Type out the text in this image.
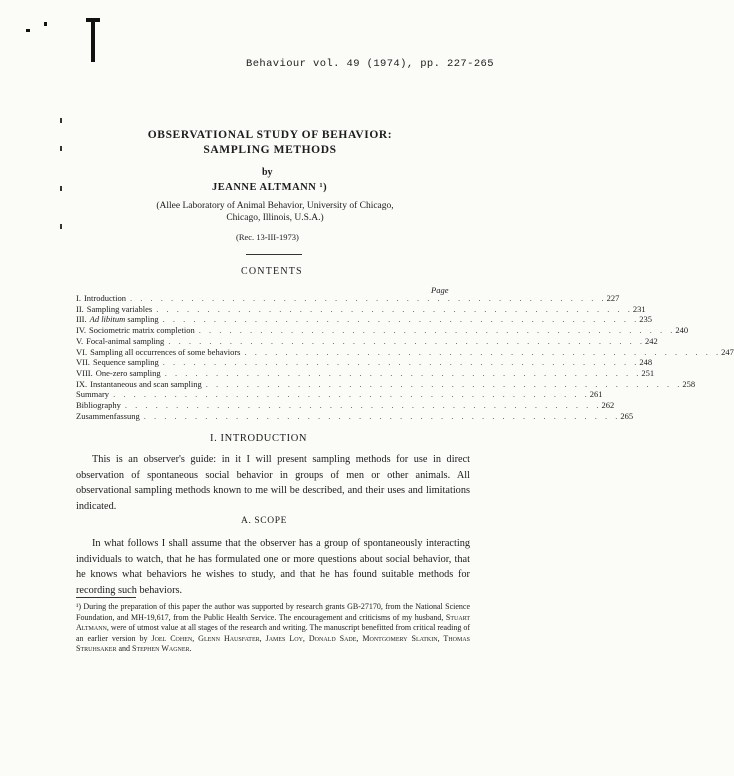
Behaviour vol. 49 (1974), pp. 227-265
OBSERVATIONAL STUDY OF BEHAVIOR:
SAMPLING METHODS
by
JEANNE ALTMANN ¹)
(Allee Laboratory of Animal Behavior, University of Chicago,
Chicago, Illinois, U.S.A.)
(Rec. 13-III-1973)
CONTENTS
Page
I. Introduction . . . . . . . . . . . . . . . . . . . . . . . . . . . . . . . . . . . . . . . . . . . . . . . 227
II. Sampling variables . . . . . . . . . . . . . . . . . . . . . . . . . . . . . . . . . . . . . . . . . . . . . . . 231
III. Ad libitum sampling . . . . . . . . . . . . . . . . . . . . . . . . . . . . . . . . . . . . . . . . . . . . . . . 235
IV. Sociometric matrix completion . . . . . . . . . . . . . . . . . . . . . . . . . . . . . . . . . . . . . . . . . . . . . . . 240
V. Focal-animal sampling . . . . . . . . . . . . . . . . . . . . . . . . . . . . . . . . . . . . . . . . . . . . . . . 242
VI. Sampling all occurrences of some behaviors . . . . . . . . . . . . . . . . . . . . . . . . . . . . . . . . . . . . . . . . . . . . . . . 247
VII. Sequence sampling . . . . . . . . . . . . . . . . . . . . . . . . . . . . . . . . . . . . . . . . . . . . . . . 248
VIII. One-zero sampling . . . . . . . . . . . . . . . . . . . . . . . . . . . . . . . . . . . . . . . . . . . . . . . 251
IX. Instantaneous and scan sampling . . . . . . . . . . . . . . . . . . . . . . . . . . . . . . . . . . . . . . . . . . . . . . . 258
Summary . . . . . . . . . . . . . . . . . . . . . . . . . . . . . . . . . . . . . . . . . . . . . . . 261
Bibliography . . . . . . . . . . . . . . . . . . . . . . . . . . . . . . . . . . . . . . . . . . . . . . . 262
Zusammenfassung . . . . . . . . . . . . . . . . . . . . . . . . . . . . . . . . . . . . . . . . . . . . . . . 265
I. INTRODUCTION
This is an observer's guide: in it I will present sampling methods for use in direct observation of spontaneous social behavior in groups of men or other animals. All observational sampling methods known to me will be described, and their uses and limitations indicated.
A. SCOPE
In what follows I shall assume that the observer has a group of spontaneously interacting individuals to watch, that he has formulated one or more questions about social behavior, that he knows what behaviors he wishes to study, and that he has found suitable methods for recording such behaviors.
¹) During the preparation of this paper the author was supported by research grants GB-27170, from the National Science Foundation, and MH-19,617, from the Public Health Service. The encouragement and criticisms of my husband, Stuart Altmann, were of utmost value at all stages of the research and writing. The manuscript benefitted from critical reading of an earlier version by Joel Cohen, Glenn Hausfater, James Loy, Donald Sade, Montgomery Slatkin, Thomas Struhsaker and Stephen Wagner.
